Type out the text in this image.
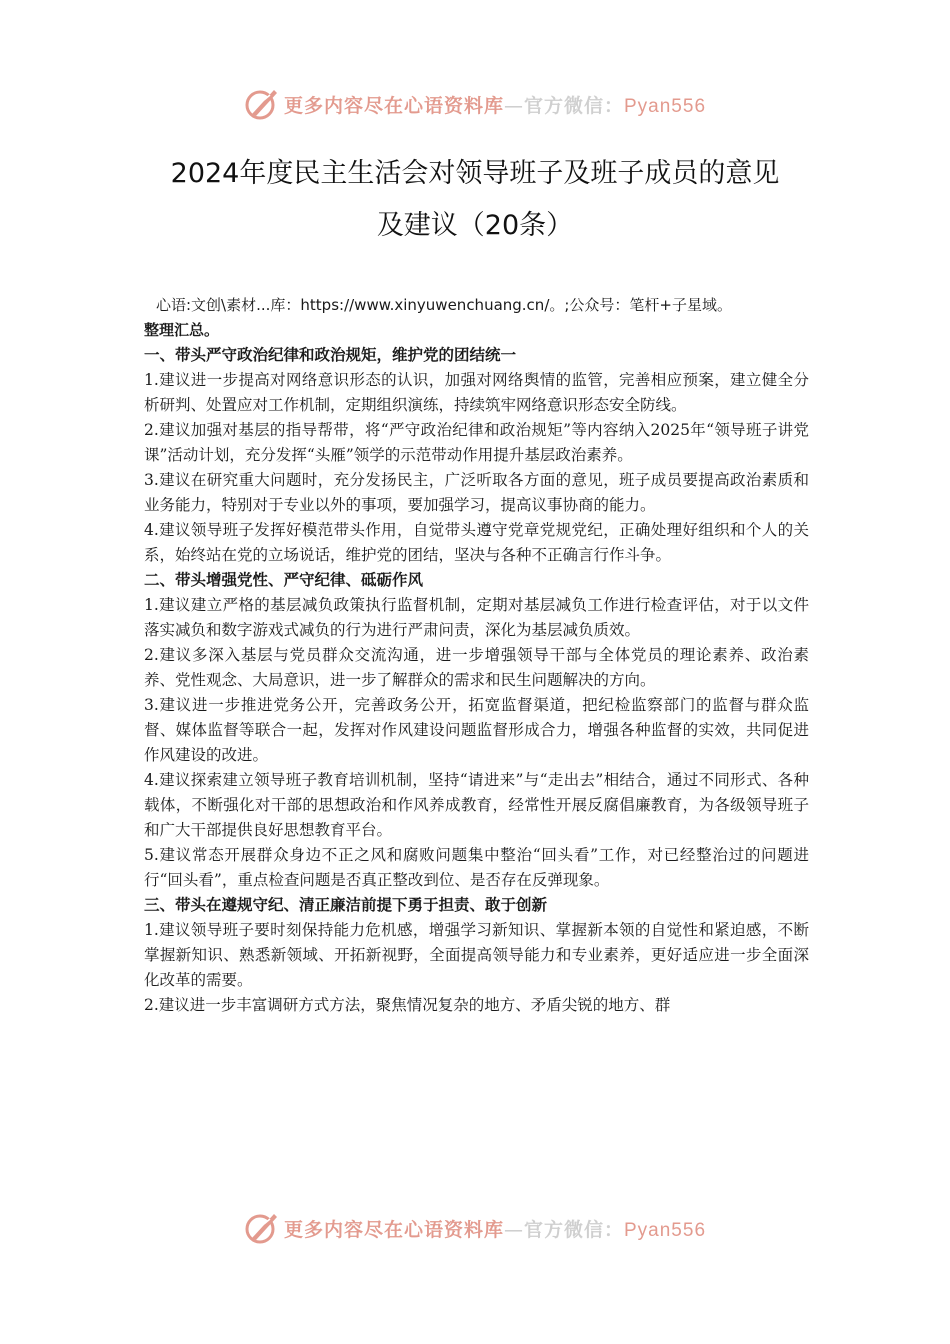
更多内容尽在心语资料库—官方微信：Pyan556
2024年度民主生活会对领导班子及班子成员的意见
及建议（20条）

心语:文创\素材...库：https://www.xinyuwenchuang.cn/。;公众号：笔杆+子星域。

整理汇总。

一、带头严守政治纪律和政治规矩，维护党的团结统一

1.建议进一步提高对网络意识形态的认识，加强对网络舆情的监管，完善相应预案，建立健全分析研判、处置应对工作机制，定期组织演练，持续筑牢网络意识形态安全防线。

2.建议加强对基层的指导帮带，将“严守政治纪律和政治规矩”等内容纳入2025年“领导班子讲党课”活动计划，充分发挥“头雁”领学的示范带动作用提升基层政治素养。

3.建议在研究重大问题时，充分发扬民主，广泛听取各方面的意见，班子成员要提高政治素质和业务能力，特别对于专业以外的事项，要加强学习，提高议事协商的能力。

4.建议领导班子发挥好模范带头作用，自觉带头遵守党章党规党纪，正确处理好组织和个人的关系，始终站在党的立场说话，维护党的团结，坚决与各种不正确言行作斗争。

二、带头增强党性、严守纪律、砥砺作风

1.建议建立严格的基层减负政策执行监督机制，定期对基层减负工作进行检查评估，对于以文件落实减负和数字游戏式减负的行为进行严肃问责，深化为基层减负质效。

2.建议多深入基层与党员群众交流沟通，进一步增强领导干部与全体党员的理论素养、政治素养、党性观念、大局意识，进一步了解群众的需求和民生问题解决的方向。

3.建议进一步推进党务公开，完善政务公开，拓宽监督渠道，把纪检监察部门的监督与群众监督、媒体监督等联合一起，发挥对作风建设问题监督形成合力，增强各种监督的实效，共同促进作风建设的改进。

4.建议探索建立领导班子教育培训机制，坚持“请进来”与“走出去”相结合，通过不同形式、各种载体，不断强化对干部的思想政治和作风养成教育，经常性开展反腐倡廉教育，为各级领导班子和广大干部提供良好思想教育平台。

5.建议常态开展群众身边不正之风和腐败问题集中整治“回头看”工作，对已经整治过的问题进行“回头看”，重点检查问题是否真正整改到位、是否存在反弹现象。

三、带头在遵规守纪、清正廉洁前提下勇于担责、敢于创新

1.建议领导班子要时刻保持能力危机感，增强学习新知识、掌握新本领的自觉性和紧迫感，不断掌握新知识、熟悉新领域、开拓新视野，全面提高领导能力和专业素养，更好适应进一步全面深化改革的需要。

2.建议进一步丰富调研方式方法，聚焦情况复杂的地方、矛盾尖锐的地方、群

更多内容尽在心语资料库—官方微信：Pyan556
